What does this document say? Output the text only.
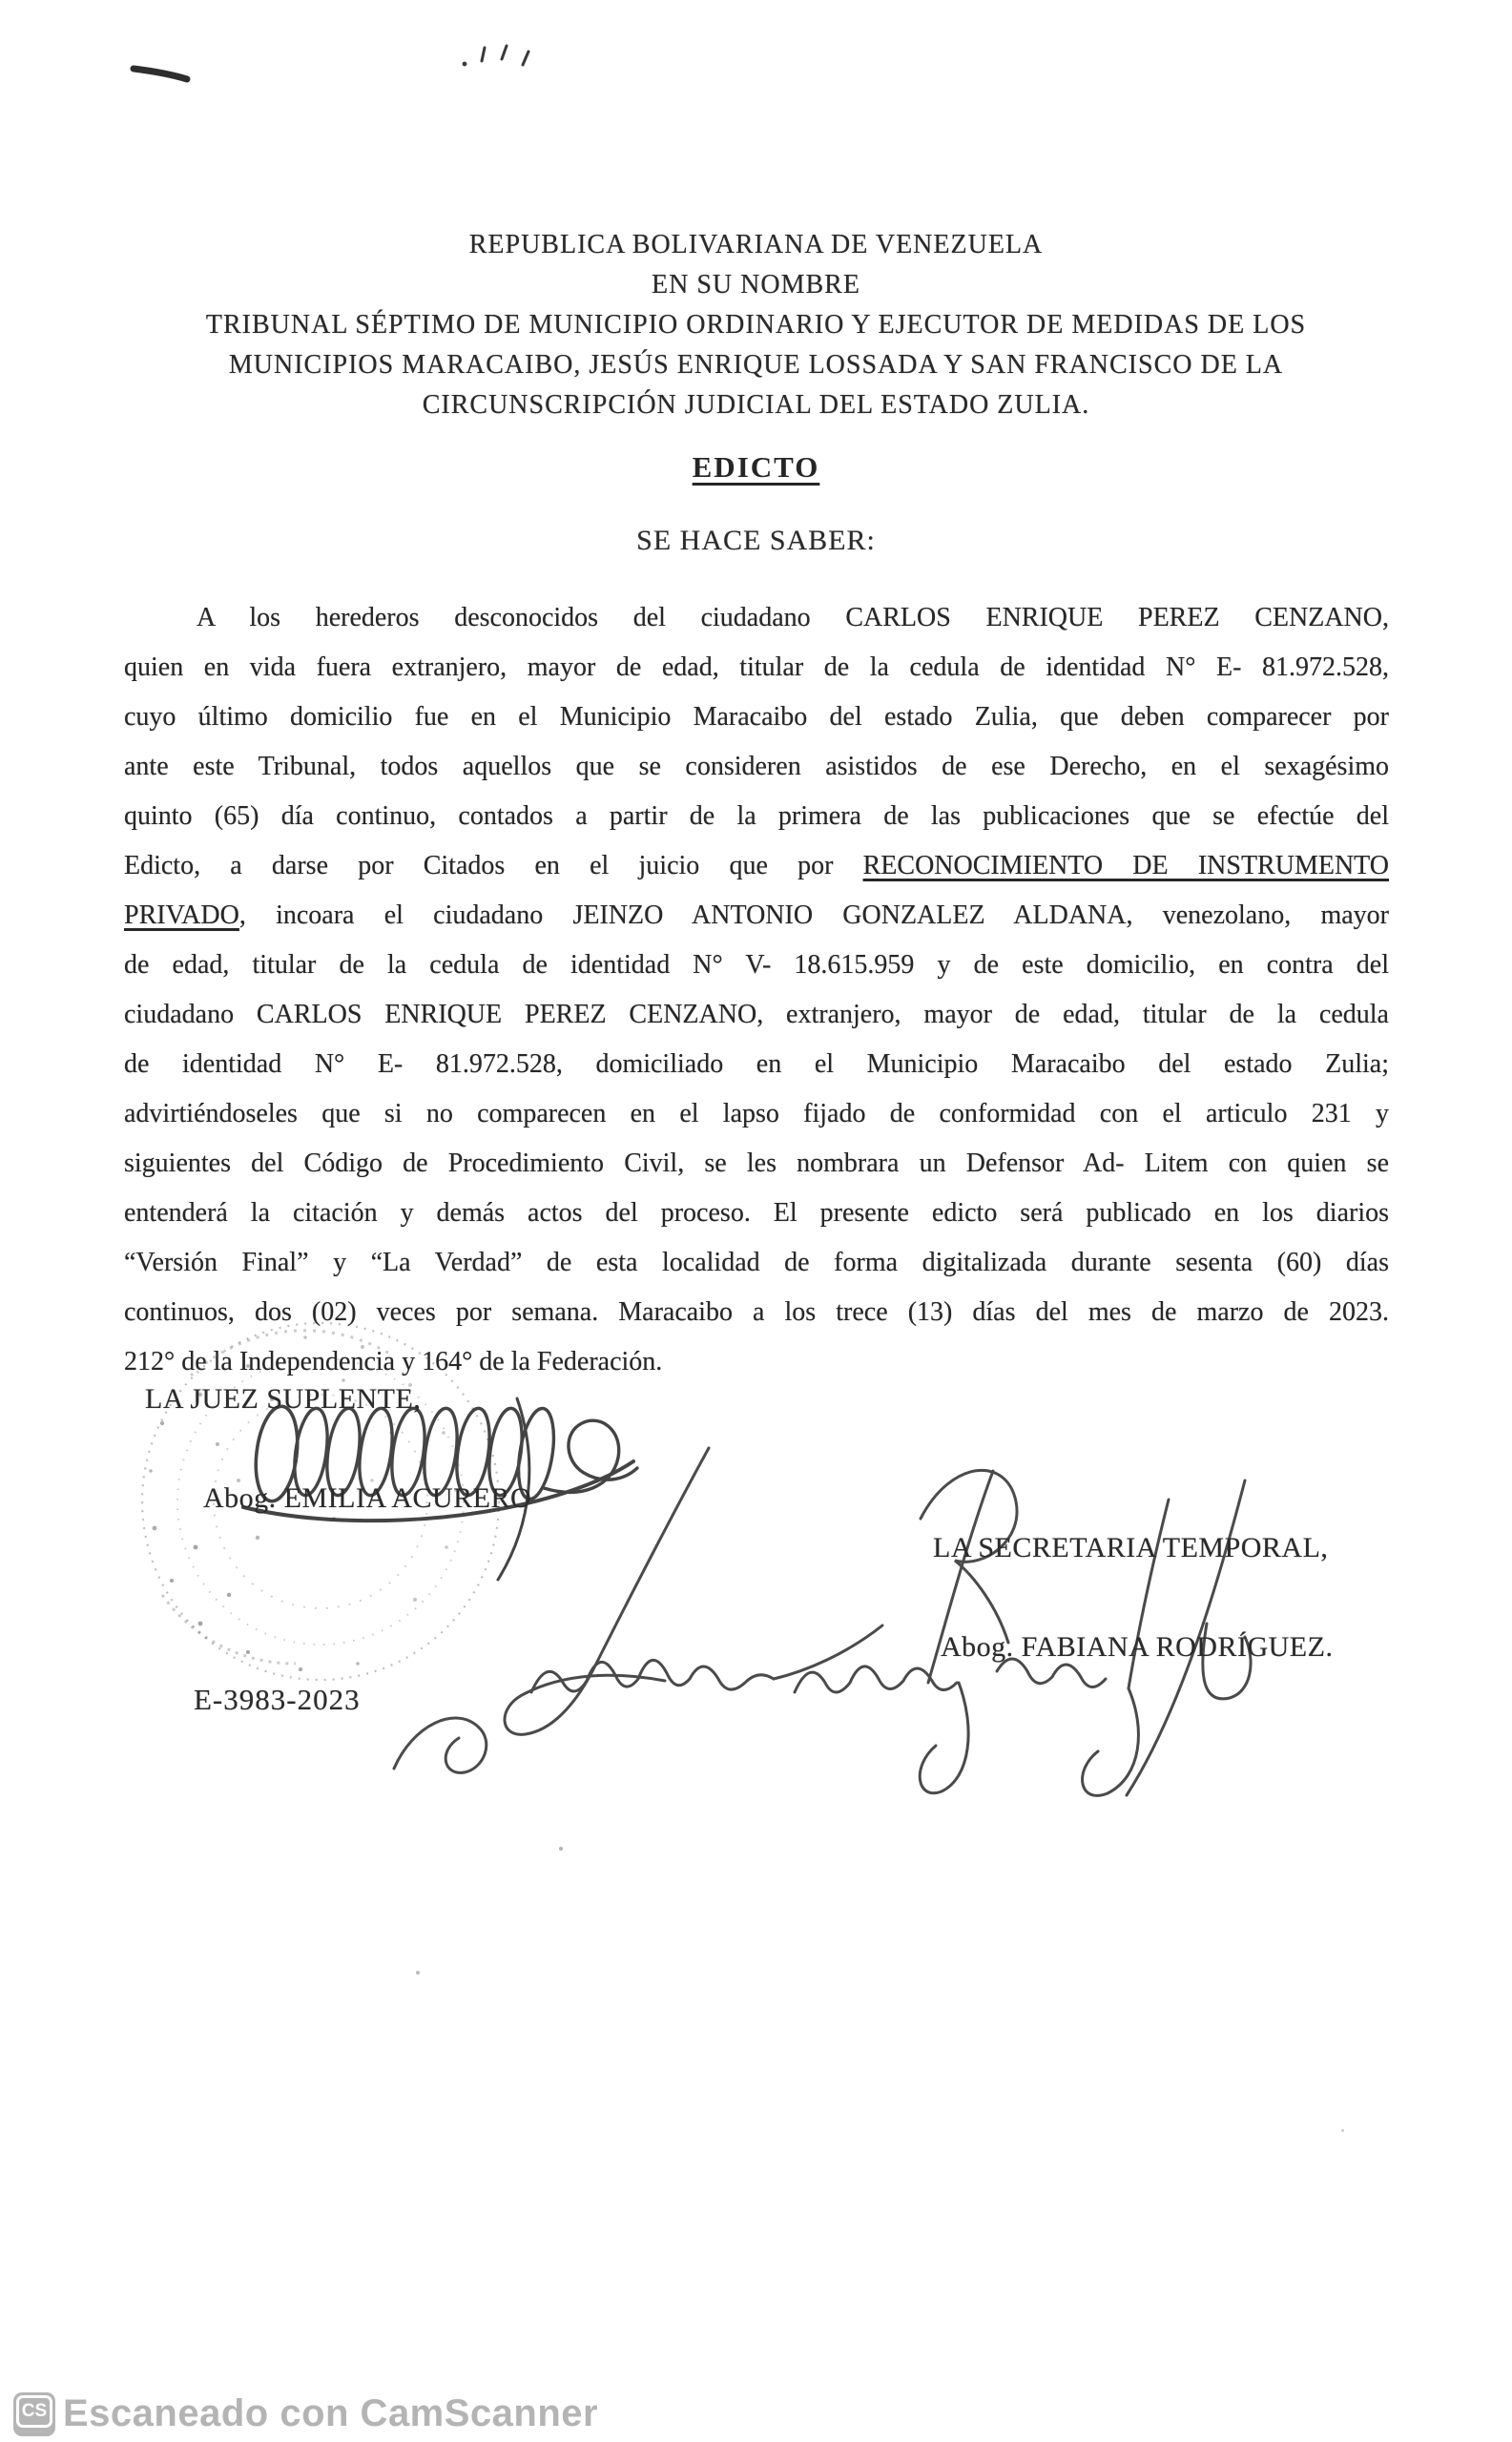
REPUBLICA BOLIVARIANA DE VENEZUELA
EN SU NOMBRE
TRIBUNAL SÉPTIMO DE MUNICIPIO ORDINARIO Y EJECUTOR DE MEDIDAS DE LOS
MUNICIPIOS MARACAIBO, JESÚS ENRIQUE LOSSADA Y SAN FRANCISCO DE LA
CIRCUNSCRIPCIÓN JUDICIAL DEL ESTADO ZULIA.
EDICTO
SE HACE SABER:
A los herederos desconocidos del ciudadano CARLOS ENRIQUE PEREZ CENZANO,
quien en vida fuera extranjero, mayor de edad, titular de la cedula de identidad N° E- 81.972.528,
cuyo último domicilio fue en el Municipio Maracaibo del estado Zulia, que deben comparecer por
ante este Tribunal, todos aquellos que se consideren asistidos de ese Derecho, en el sexagésimo
quinto (65) día continuo, contados a partir de la primera de las publicaciones que se efectúe del
Edicto, a darse por Citados en el juicio que por RECONOCIMIENTO DE INSTRUMENTO
PRIVADO, incoara el ciudadano JEINZO ANTONIO GONZALEZ ALDANA, venezolano, mayor
de edad, titular de la cedula de identidad N° V- 18.615.959 y de este domicilio, en contra del
ciudadano CARLOS ENRIQUE PEREZ CENZANO, extranjero, mayor de edad, titular de la cedula
de identidad N° E- 81.972.528, domiciliado en el Municipio Maracaibo del estado Zulia;
advirtiéndoseles que si no comparecen en el lapso fijado de conformidad con el articulo 231 y
siguientes del Código de Procedimiento Civil, se les nombrara un Defensor Ad- Litem con quien se
entenderá la citación y demás actos del proceso. El presente edicto será publicado en los diarios
“Versión Final” y “La Verdad” de esta localidad de forma digitalizada durante sesenta (60) días
continuos, dos (02) veces por semana. Maracaibo a los trece (13) días del mes de marzo de 2023.
212° de la Independencia y 164° de la Federación.
LA JUEZ SUPLENTE,
Abog. EMILIA ACURERO
LA SECRETARIA TEMPORAL,
Abog. FABIANA RODRÍGUEZ.
E-3983-2023
CS Escaneado con CamScanner
